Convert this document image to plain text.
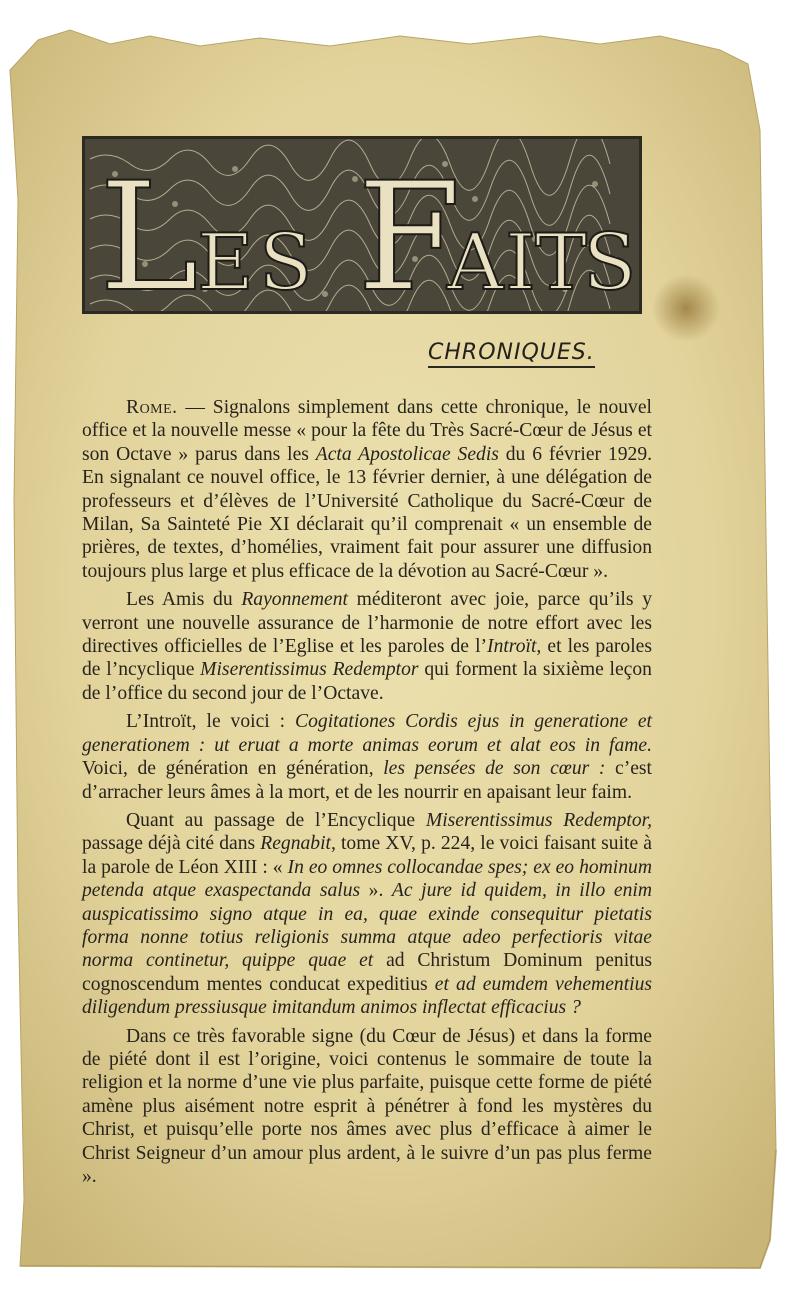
L
E S F
A I T
S
CHRONIQUES.

Rome. — Signalons simplement dans cette chronique, le nouvel office et la nouvelle messe « pour la fête du Très Sacré-Cœur de Jésus et son Octave » parus dans les Acta Apostolicae Sedis du 6 février 1929. En signalant ce nouvel office, le 13 février dernier, à une délégation de professeurs et d’élèves de l’Université Catholique du Sacré-Cœur de Milan, Sa Sainteté Pie XI déclarait qu’il comprenait « un ensemble de prières, de textes, d’homélies, vraiment fait pour assurer une diffusion toujours plus large et plus efficace de la dévotion au Sacré-Cœur ».

Les Amis du Rayonnement méditeront avec joie, parce qu’ils y verront une nouvelle assurance de l’harmonie de notre effort avec les directives officielles de l’Eglise et les paroles de l’Introït, et les paroles de l’ncyclique Miserentissimus Redemptor qui forment la sixième leçon de l’office du second jour de l’Octave.

L’Introït, le voici : Cogitationes Cordis ejus in generatione et generationem : ut eruat a morte animas eorum et alat eos in fame. Voici, de génération en génération, les pensées de son cœur : c’est d’arracher leurs âmes à la mort, et de les nourrir en apaisant leur faim.

Quant au passage de l’Encyclique Miserentissimus Redemptor, passage déjà cité dans Regnabit, tome XV, p. 224, le voici faisant suite à la parole de Léon XIII : « In eo omnes collocandae spes; ex eo hominum petenda atque exaspectanda salus ». Ac jure id quidem, in illo enim auspicatissimo signo atque in ea, quae exinde consequitur pietatis forma nonne totius religionis summa atque adeo perfectioris vitae norma continetur, quippe quae et ad Christum Dominum penitus cognoscendum mentes conducat expeditius et ad eumdem vehementius diligendum pressiusque imitandum animos inflectat efficacius ?

Dans ce très favorable signe (du Cœur de Jésus) et dans la forme de piété dont il est l’origine, voici contenus le sommaire de toute la religion et la norme d’une vie plus parfaite, puisque cette forme de piété amène plus aisément notre esprit à pénétrer à fond les mystères du Christ, et puisqu’elle porte nos âmes avec plus d’efficace à aimer le Christ Seigneur d’un amour plus ardent, à le suivre d’un pas plus ferme ».
